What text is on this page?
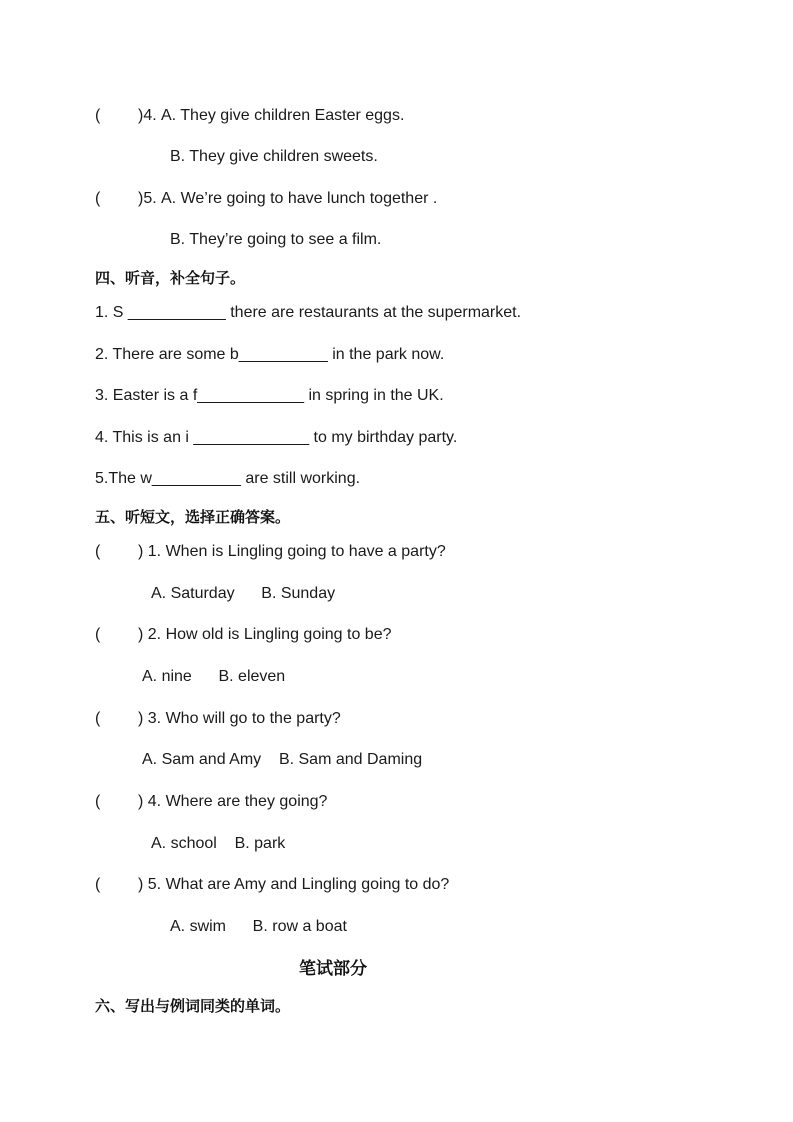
( )4. A. They give children Easter eggs.
B. They give children sweets.
( )5. A. We’re going to have lunch together .
B. They’re going to see a film.
四、听音，补全句子。
1. S ___________ there are restaurants at the supermarket.
2. There are some b__________ in the park now.
3. Easter is a f____________ in spring in the UK.
4. This is an i _____________ to my birthday party.
5.The w__________ are still working.
五、听短文，选择正确答案。
( ) 1. When is Lingling going to have a party?
A. Saturday      B. Sunday
( ) 2. How old is Lingling going to be?
A. nine      B. eleven
( ) 3. Who will go to the party?
A. Sam and Amy    B. Sam and Daming
( ) 4. Where are they going?
A. school    B. park
( ) 5. What are Amy and Lingling going to do?
A. swim      B. row a boat
笔试部分
六、写出与例词同类的单词。
